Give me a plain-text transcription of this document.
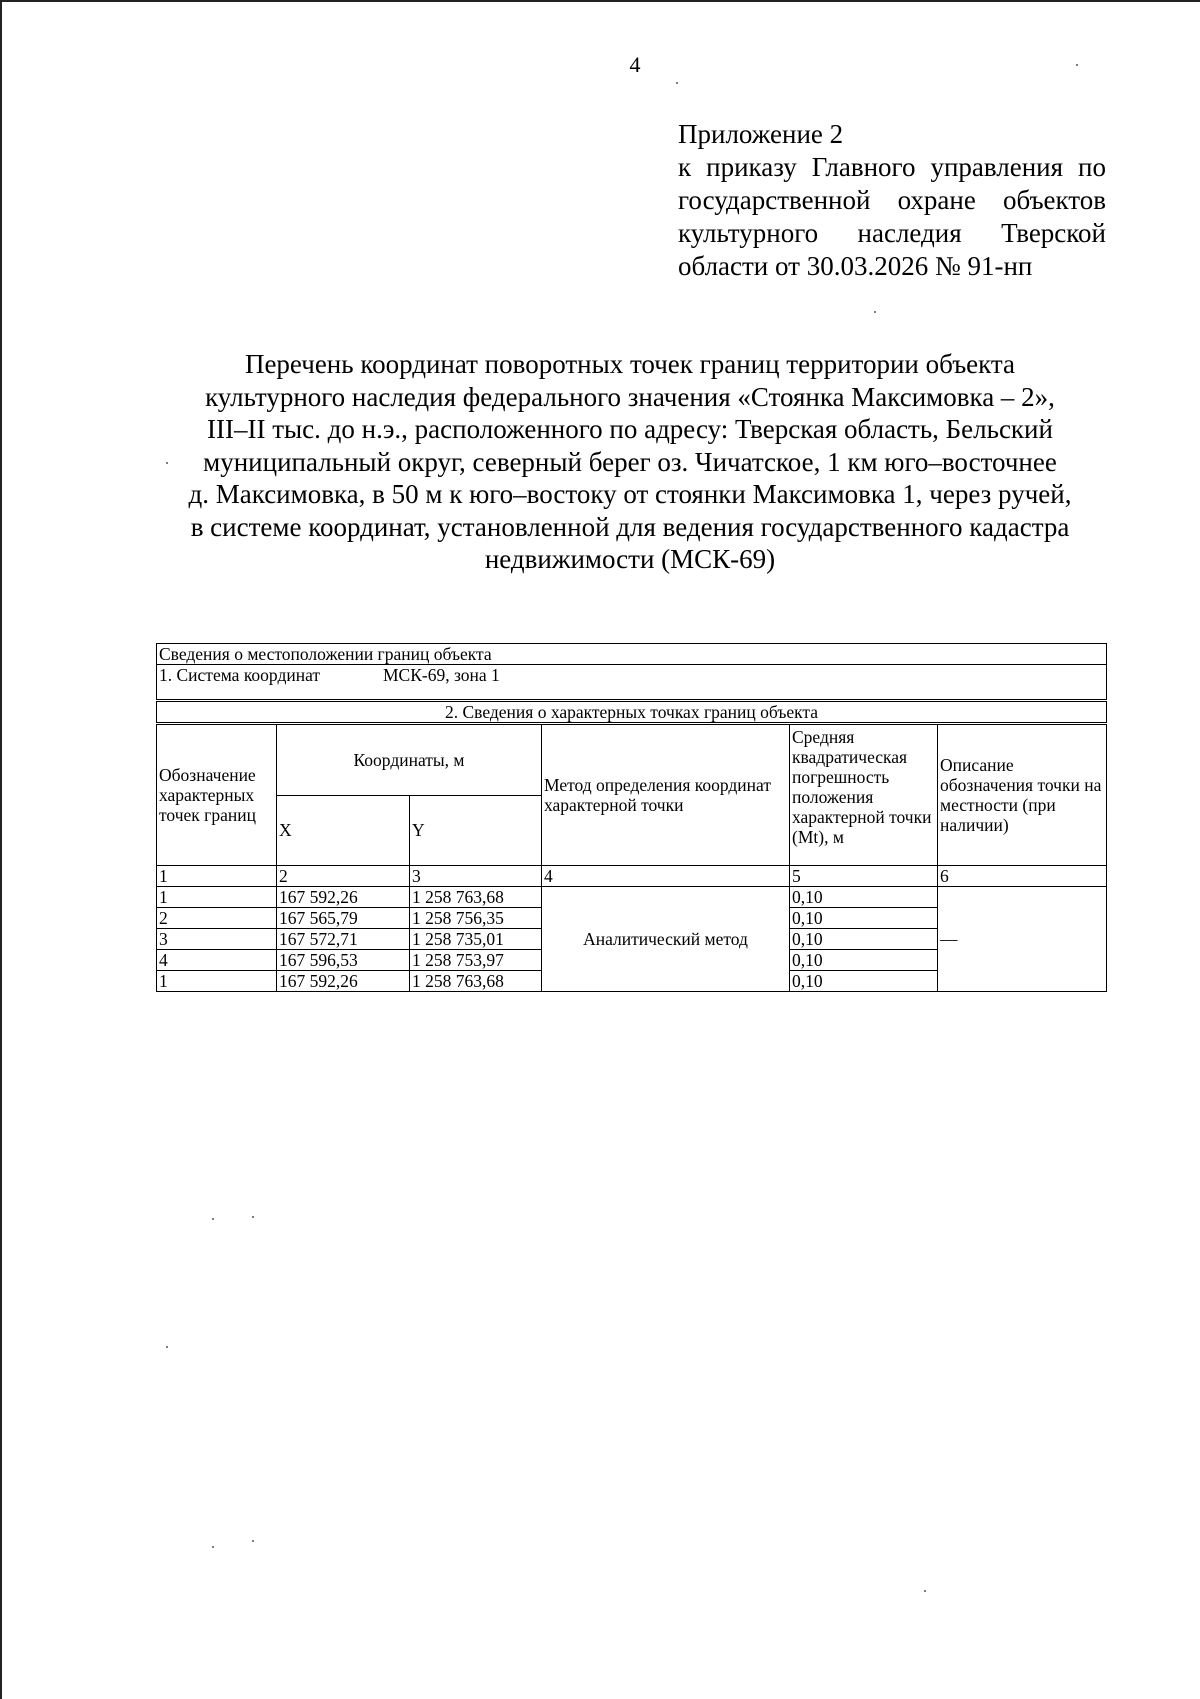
4
Приложение 2
к приказу Главного управления по
государственной охране объектов
культурного наследия Тверской
области от 30.03.2026 № 91-нп
Перечень координат поворотных точек границ территории объекта
культурного наследия федерального значения «Стоянка Максимовка – 2»,
III–II тыс. до н.э., расположенного по адресу: Тверская область, Бельский
муниципальный округ, северный берег оз. Чичатское, 1 км юго–восточнее
д. Максимовка, в 50 м к юго–востоку от стоянки Максимовка 1, через ручей,
в системе координат, установленной для ведения государственного кадастра
недвижимости (МСК-69)
Сведения о местоположении границ объекта					
1. Система координат МСК-69, зона 1					
2. Сведения о характерных точках границ объекта					
Обозначение характерных точек границ	Координаты, м		Метод определения координат характерной точки	Средняя квадратическая погрешность положения характерной точки (Mt), м	Описание обозначения точки на местности (при наличии)
	X	Y			
1	2	3	4	5	6
1	167 592,26	1 258 763,68	Аналитический метод	0,10	—
2	167 565,79	1 258 756,35		0,10	
3	167 572,71	1 258 735,01		0,10	
4	167 596,53	1 258 753,97		0,10	
1	167 592,26	1 258 763,68		0,10	
